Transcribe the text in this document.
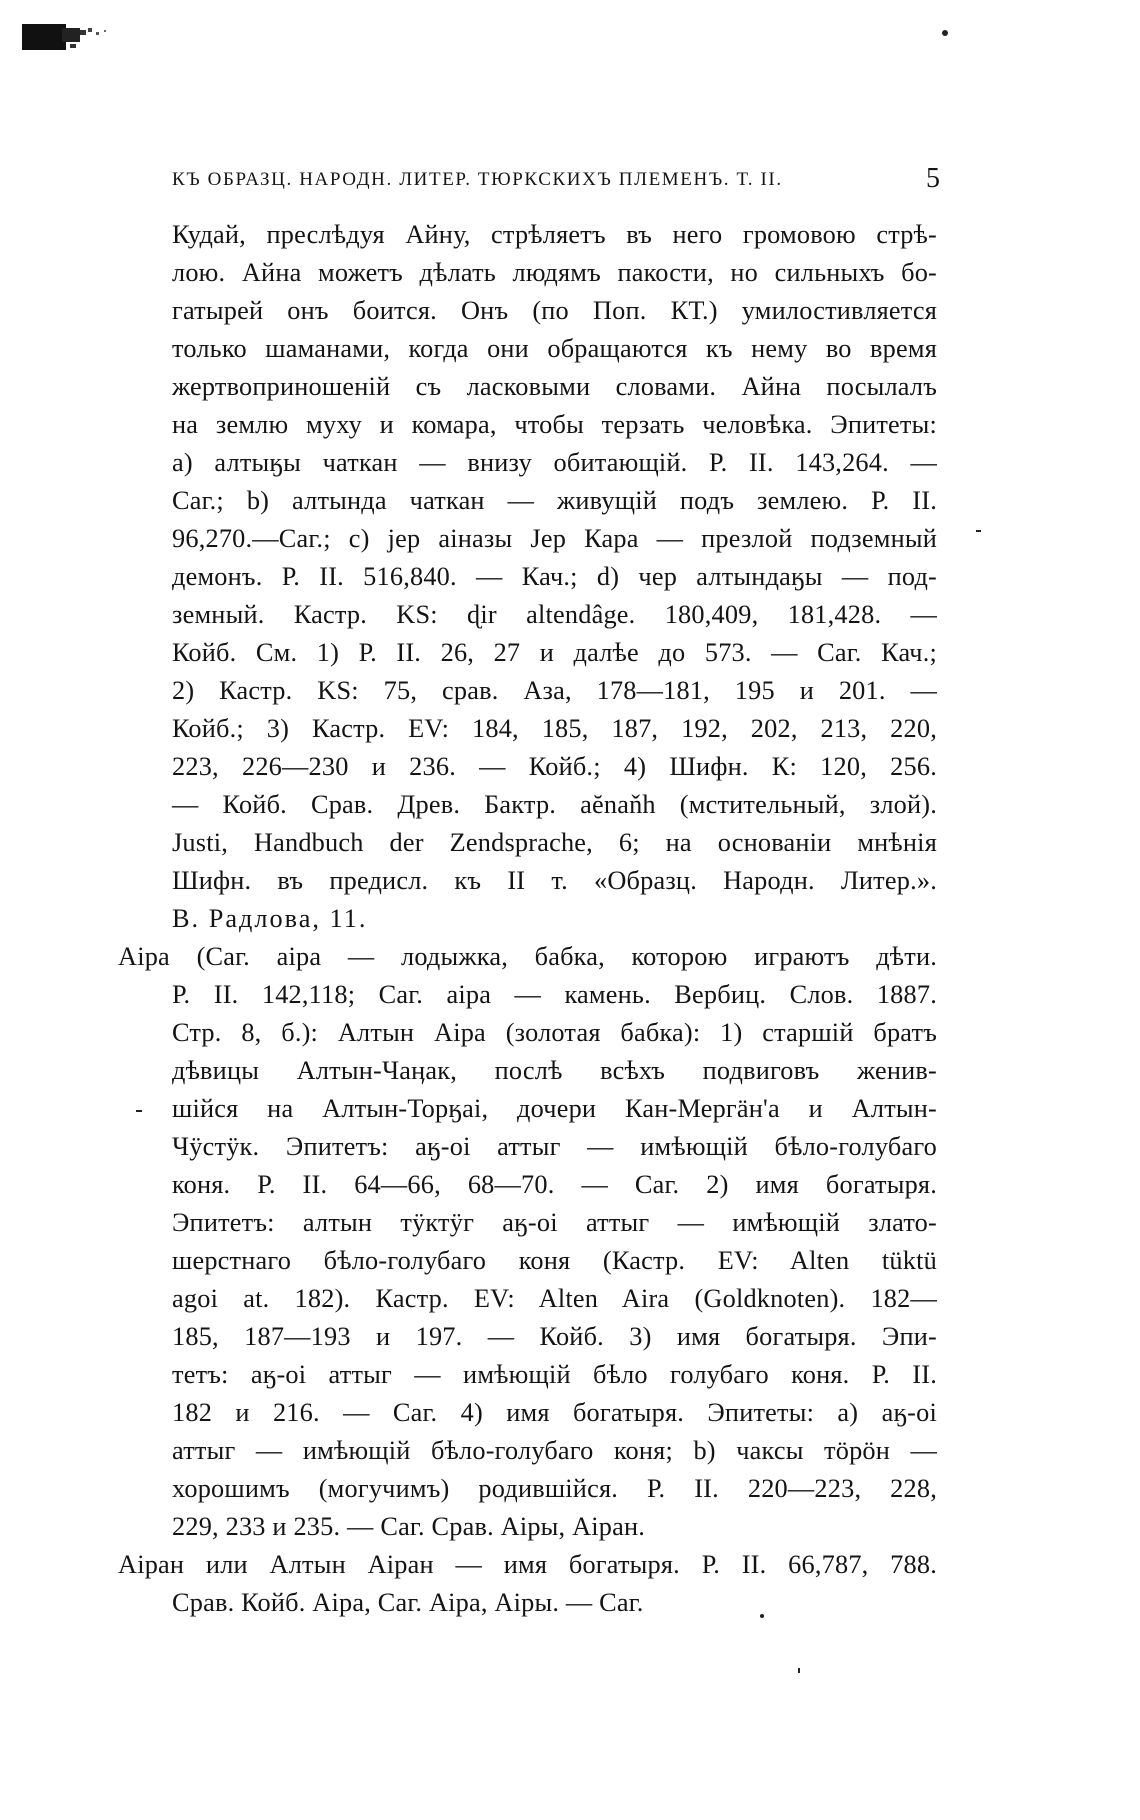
КЪ ОБРАЗЦ. НАРОДН. ЛИТЕР. ТЮРКСКИХЪ ПЛЕМЕНЪ. Т. II.	5
Кудай, преслѣдуя Айну, стрѣляетъ въ него громовою стрѣ-
лою. Айна можетъ дѣлать людямъ пакости, но сильныхъ бо-
гатырей онъ боится. Онъ (по Поп. КТ.) умилостивляется
только шаманами, когда они обращаются къ нему во время
жертвоприношеній съ ласковыми словами. Айна посылалъ
на землю муху и комара, чтобы терзать человѣка. Эпитеты:
a) алтыӄы чаткан — внизу обитающій. Р. II. 143,264. —
Саг.; b) алтында чаткан — живущій подъ землею. Р. II.
96,270.—Саг.; c) jер аіназы Jер Кара — презлой подземный
демонъ. Р. II. 516,840. — Кач.; d) чер алтындаӄы — под-
земный. Кастр. KS: ɖir altendâge. 180,409, 181,428. —
Койб. См. 1) Р. II. 26, 27 и далѣе до 573. — Саг. Кач.;
2) Кастр. KS: 75, срав. Аза, 178—181, 195 и 201. —
Койб.; 3) Кастр. EV: 184, 185, 187, 192, 202, 213, 220,
223, 226—230 и 236. — Койб.; 4) Шифн. К: 120, 256.
— Койб. Срав. Древ. Бактр. aĕnaňh (мстительный, злой).
Justi, Handbuch der Zendsprache, 6; на основаніи мнѣнія
Шифн. въ предисл. къ II т. «Образц. Народн. Литер.».
В. Радлова, 11.
Аіра (Саг. аіра — лодыжка, бабка, которою играютъ дѣти.
Р. II. 142,118; Саг. аіра — камень. Вербиц. Слов. 1887.
Стр. 8, б.): Алтын Аіра (золотая бабка): 1) старшій братъ
дѣвицы Алтын-Чаӊак, послѣ всѣхъ подвиговъ женив-
шійся на Алтын-Торӄаі, дочери Кан-Мергäн'а и Алтын-
Чӱстӱк. Эпитетъ: аӄ-оі аттыг — имѣющій бѣло-голубаго
коня. Р. II. 64—66, 68—70. — Саг. 2) имя богатыря.
Эпитетъ: алтын тӱктӱг аӄ-оі аттыг — имѣющій злато-
шерстнаго бѣло-голубаго коня (Кастр. EV: Alten tüktü
agoi at. 182). Кастр. EV: Alten Aira (Goldknoten). 182—
185, 187—193 и 197. — Койб. 3) имя богатыря. Эпи-
тетъ: аӄ-оі аттыг — имѣющій бѣло голубаго коня. Р. II.
182 и 216. — Саг. 4) имя богатыря. Эпитеты: a) аӄ-оі
аттыг — имѣющій бѣло-голубаго коня; b) чаксы тӧрӧн —
хорошимъ (могучимъ) родившійся. Р. II. 220—223, 228,
229, 233 и 235. — Саг. Срав. Аіры, Аіран.
Аіран или Алтын Аіран — имя богатыря. Р. II. 66,787, 788.
Срав. Койб. Аіра, Саг. Аіра, Аіры. — Саг.
